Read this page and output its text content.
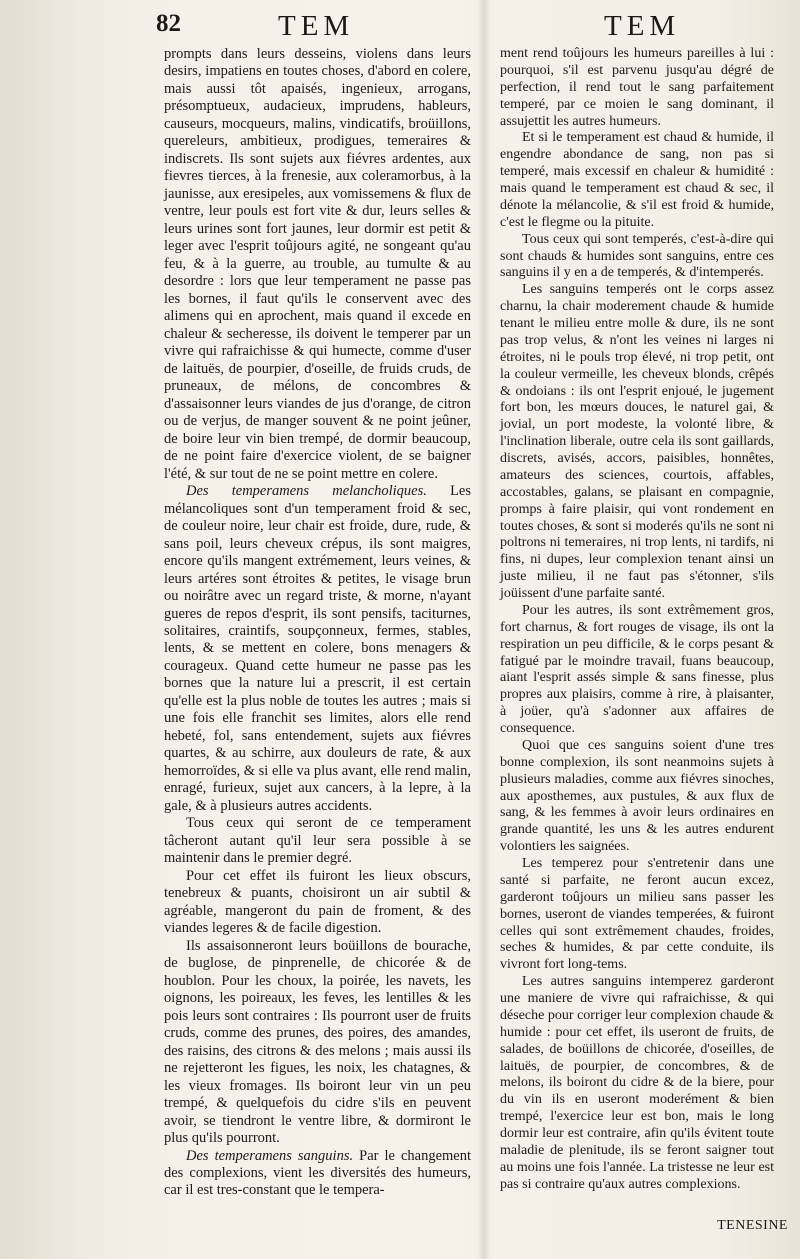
82	TEM	TEM

prompts dans leurs desseins, violens dans leurs desirs, impatiens en toutes choses, d'abord en colere, mais aussi tôt apaisés, ingenieux, arrogans, présomptueux, audacieux, imprudens, hableurs, causeurs, mocqueurs, malins, vindicatifs, broüillons, quereleurs, ambitieux, prodigues, temeraires & indiscrets. Ils sont sujets aux fiévres ardentes, aux fievres tierces, à la frenesie, aux coleramorbus, à la jaunisse, aux eresipeles, aux vomissemens & flux de ventre, leur pouls est fort vite & dur, leurs selles & leurs urines sont fort jaunes, leur dormir est petit & leger avec l'esprit toûjours agité, ne songeant qu'au feu, & à la guerre, au trouble, au tumulte & au desordre : lors que leur temperament ne passe pas les bornes, il faut qu'ils le conservent avec des alimens qui en aprochent, mais quand il excede en chaleur & secheresse, ils doivent le temperer par un vivre qui rafraichisse & qui humecte, comme d'user de laituës, de pourpier, d'oseille, de fruids cruds, de pruneaux, de mélons, de concombres & d'assaisonner leurs viandes de jus d'orange, de citron ou de verjus, de manger souvent & ne point jeûner, de boire leur vin bien trempé, de dormir beaucoup, de ne point faire d'exercice violent, de se baigner l'été, & sur tout de ne se point mettre en colere.

Des temperamens melancholiques. Les mélancoliques sont d'un temperament froid & sec, de couleur noire, leur chair est froide, dure, rude, & sans poil, leurs cheveux crépus, ils sont maigres, encore qu'ils mangent extrémement, leurs veines, & leurs artéres sont étroites & petites, le visage brun ou noirâtre avec un regard triste, & morne, n'ayant gueres de repos d'esprit, ils sont pensifs, taciturnes, solitaires, craintifs, soupçonneux, fermes, stables, lents, & se mettent en colere, bons menagers & courageux. Quand cette humeur ne passe pas les bornes que la nature lui a prescrit, il est certain qu'elle est la plus noble de toutes les autres ; mais si une fois elle franchit ses limites, alors elle rend hebeté, fol, sans entendement, sujets aux fiévres quartes, & au schirre, aux douleurs de rate, & aux hemorroïdes, & si elle va plus avant, elle rend malin, enragé, furieux, sujet aux cancers, à la lepre, à la gale, & à plusieurs autres accidents.

Tous ceux qui seront de ce temperament tâcheront autant qu'il leur sera possible à se maintenir dans le premier degré.

Pour cet effet ils fuiront les lieux obscurs, tenebreux & puants, choisiront un air subtil & agréable, mangeront du pain de froment, & des viandes legeres & de facile digestion.

Ils assaisonneront leurs boüillons de bourache, de buglose, de pinprenelle, de chicorée & de houblon. Pour les choux, la poirée, les navets, les oignons, les poireaux, les feves, les lentilles & les pois leurs sont contraires : Ils pourront user de fruits cruds, comme des prunes, des poires, des amandes, des raisins, des citrons & des melons ; mais aussi ils ne rejetteront les figues, les noix, les chatagnes, & les vieux fromages. Ils boiront leur vin un peu trempé, & quelquefois du cidre s'ils en peuvent avoir, se tiendront le ventre libre, & dormiront le plus qu'ils pourront.

Des temperamens sanguins. Par le changement des complexions, vient les diversités des humeurs, car il est tres-constant que le tempera-

ment rend toûjours les humeurs pareilles à lui : pourquoi, s'il est parvenu jusqu'au dégré de perfection, il rend tout le sang parfaitement temperé, par ce moien le sang dominant, il assujettit les autres humeurs.

Et si le temperament est chaud & humide, il engendre abondance de sang, non pas si temperé, mais excessif en chaleur & humidité : mais quand le temperament est chaud & sec, il dénote la mélancolie, & s'il est froid & humide, c'est le flegme ou la pituite.

Tous ceux qui sont temperés, c'est-à-dire qui sont chauds & humides sont sanguins, entre ces sanguins il y en a de temperés, & d'intemperés.

Les sanguins temperés ont le corps assez charnu, la chair moderement chaude & humide tenant le milieu entre molle & dure, ils ne sont pas trop velus, & n'ont les veines ni larges ni étroites, ni le pouls trop élevé, ni trop petit, ont la couleur vermeille, les cheveux blonds, crêpés & ondoians : ils ont l'esprit enjoué, le jugement fort bon, les mœurs douces, le naturel gai, & jovial, un port modeste, la volonté libre, & l'inclination liberale, outre cela ils sont gaillards, discrets, avisés, accors, paisibles, honnêtes, amateurs des sciences, courtois, affables, accostables, galans, se plaisant en compagnie, promps à faire plaisir, qui vont rondement en toutes choses, & sont si moderés qu'ils ne sont ni poltrons ni temeraires, ni trop lents, ni tardifs, ni fins, ni dupes, leur complexion tenant ainsi un juste milieu, il ne faut pas s'étonner, s'ils joüissent d'une parfaite santé.

Pour les autres, ils sont extrêmement gros, fort charnus, & fort rouges de visage, ils ont la respiration un peu difficile, & le corps pesant & fatigué par le moindre travail, fuans beaucoup, aiant l'esprit assés simple & sans finesse, plus propres aux plaisirs, comme à rire, à plaisanter, à joüer, qu'à s'adonner aux affaires de consequence.

Quoi que ces sanguins soient d'une tres bonne complexion, ils sont neanmoins sujets à plusieurs maladies, comme aux fiévres sinoches, aux aposthemes, aux pustules, & aux flux de sang, & les femmes à avoir leurs ordinaires en grande quantité, les uns & les autres endurent volontiers les saignées.

Les temperez pour s'entretenir dans une santé si parfaite, ne feront aucun excez, garderont toûjours un milieu sans passer les bornes, useront de viandes temperées, & fuiront celles qui sont extrêmement chaudes, froides, seches & humides, & par cette conduite, ils vivront fort long-tems.

Les autres sanguins intemperez garderont une maniere de vivre qui rafraichisse, & qui déseche pour corriger leur complexion chaude & humide : pour cet effet, ils useront de fruits, de salades, de boüillons de chicorée, d'oseilles, de laituës, de pourpier, de concombres, & de melons, ils boiront du cidre & de la biere, pour du vin ils en useront moderément & bien trempé, l'exercice leur est bon, mais le long dormir leur est contraire, afin qu'ils évitent toute maladie de plenitude, ils se feront saigner tout au moins une fois l'année. La tristesse ne leur est pas si contraire qu'aux autres complexions.

TENESINE
